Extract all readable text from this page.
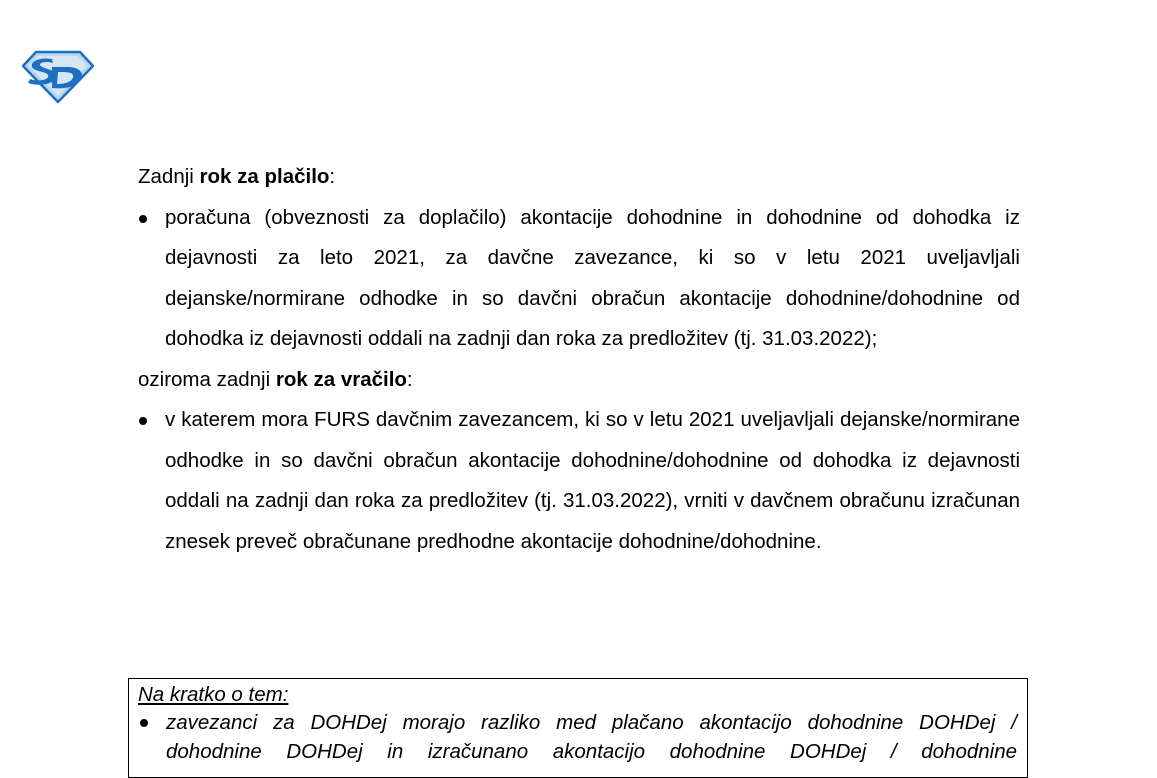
Zadnji rok za plačilo:

poračuna (obveznosti za doplačilo) akontacije dohodnine in dohodnine od dohodka iz dejavnosti za leto 2021, za davčne zavezance, ki so v letu 2021 uveljavljali dejanske/normirane odhodke in so davčni obračun akontacije dohodnine/dohodnine od dohodka iz dejavnosti oddali na zadnji dan roka za predložitev (tj. 31.03.2022);

oziroma zadnji rok za vračilo:

v katerem mora FURS davčnim zavezancem, ki so v letu 2021 uveljavljali dejanske/normirane odhodke in so davčni obračun akontacije dohodnine/dohodnine od dohodka iz dejavnosti oddali na zadnji dan roka za predložitev (tj. 31.03.2022), vrniti v davčnem obračunu izračunan znesek preveč obračunane predhodne akontacije dohodnine/dohodnine.

Na kratko o tem:

zavezanci za DOHDej morajo razliko med plačano akontacijo dohodnine DOHDej / dohodnine DOHDej in izračunano akontacijo dohodnine DOHDej / dohodnine
